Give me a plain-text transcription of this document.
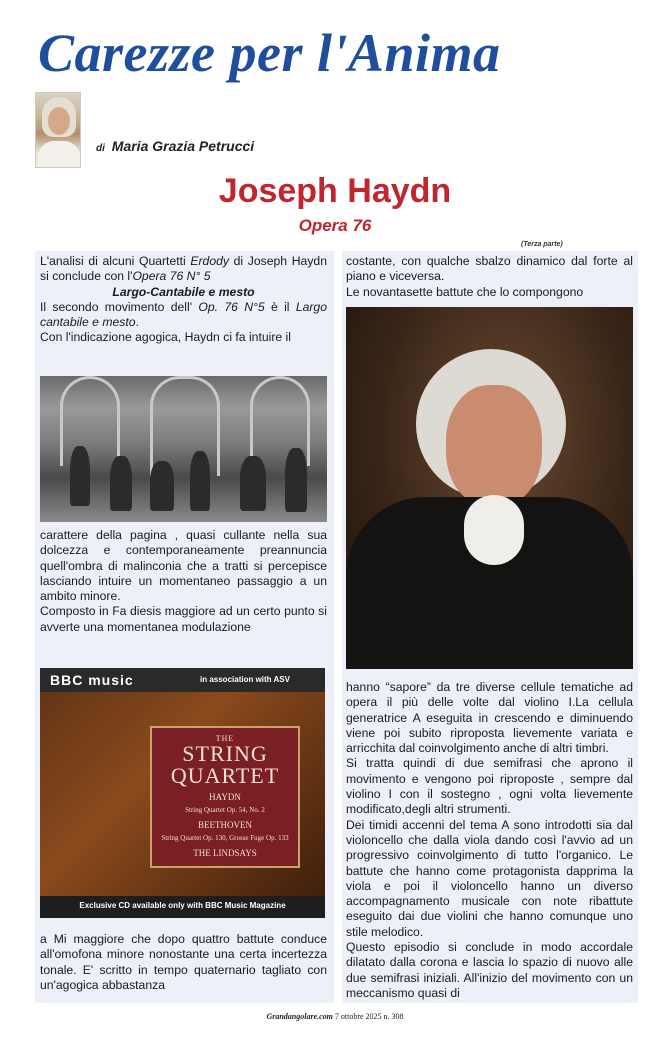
Carezze per l'Anima
di Maria Grazia Petrucci
Joseph Haydn
Opera 76
(Terza parte)

L'analisi di alcuni Quartetti Erdody di Joseph Haydn si conclude con l'Opera 76 N° 5

Largo-Cantabile e mesto

Il secondo movimento dell' Op. 76 N°5 è il Largo cantabile e mesto.

Con l'indicazione agogica, Haydn ci fa intuire il

carattere della pagina , quasi cullante nella sua dolcezza e contemporaneamente preannuncia quell'ombra di malinconia che a tratti si percepisce lasciando intuire un momentaneo passaggio a un ambito minore.

Composto in Fa diesis maggiore ad un certo punto si avverte una momentanea modulazione

BBC music	in association with ASV
THE
STRING
QUARTET
HAYDN
String Quartet Op. 54, No. 2
BEETHOVEN
String Quartet Op. 130, Grosse Fuge Op. 133
THE LINDSAYS
Exclusive CD available only with BBC Music Magazine

a Mi maggiore che dopo quattro battute conduce all'omofona minore nonostante una certa incertezza tonale. E' scritto in tempo quaternario tagliato con un'agogica abbastanza

costante, con qualche sbalzo dinamico dal forte al piano e viceversa.

Le novantasette battute che lo compongono

hanno “sapore” da tre diverse cellule tematiche ad opera il più delle volte dal violino I.La cellula generatrice A eseguita in crescendo e diminuendo viene poi subito riproposta lievemente variata e arricchita dal coinvolgimento anche di altri timbri.

Si tratta quindi di due semifrasi che aprono il movimento e vengono poi riproposte , sempre dal violino I con il sostegno , ogni volta lievemente modificato,degli altri strumenti.

Dei timidi accenni del tema A sono introdotti sia dal violoncello che dalla viola dando così l'avvio ad un progressivo coinvolgimento di tutto l'organico. Le battute che hanno come protagonista dapprima la viola e poi il violoncello hanno un diverso accompagnamento musicale con note ribattute eseguito dai due violini che hanno comunque uno stile melodico.

Questo episodio si conclude in modo accordale dilatato dalla corona e lascia lo spazio di nuovo alle due semifrasi iniziali. All'inizio del movimento con un meccanismo quasi di

Grandangolare.com 7 ottobre 2025 n. 308
